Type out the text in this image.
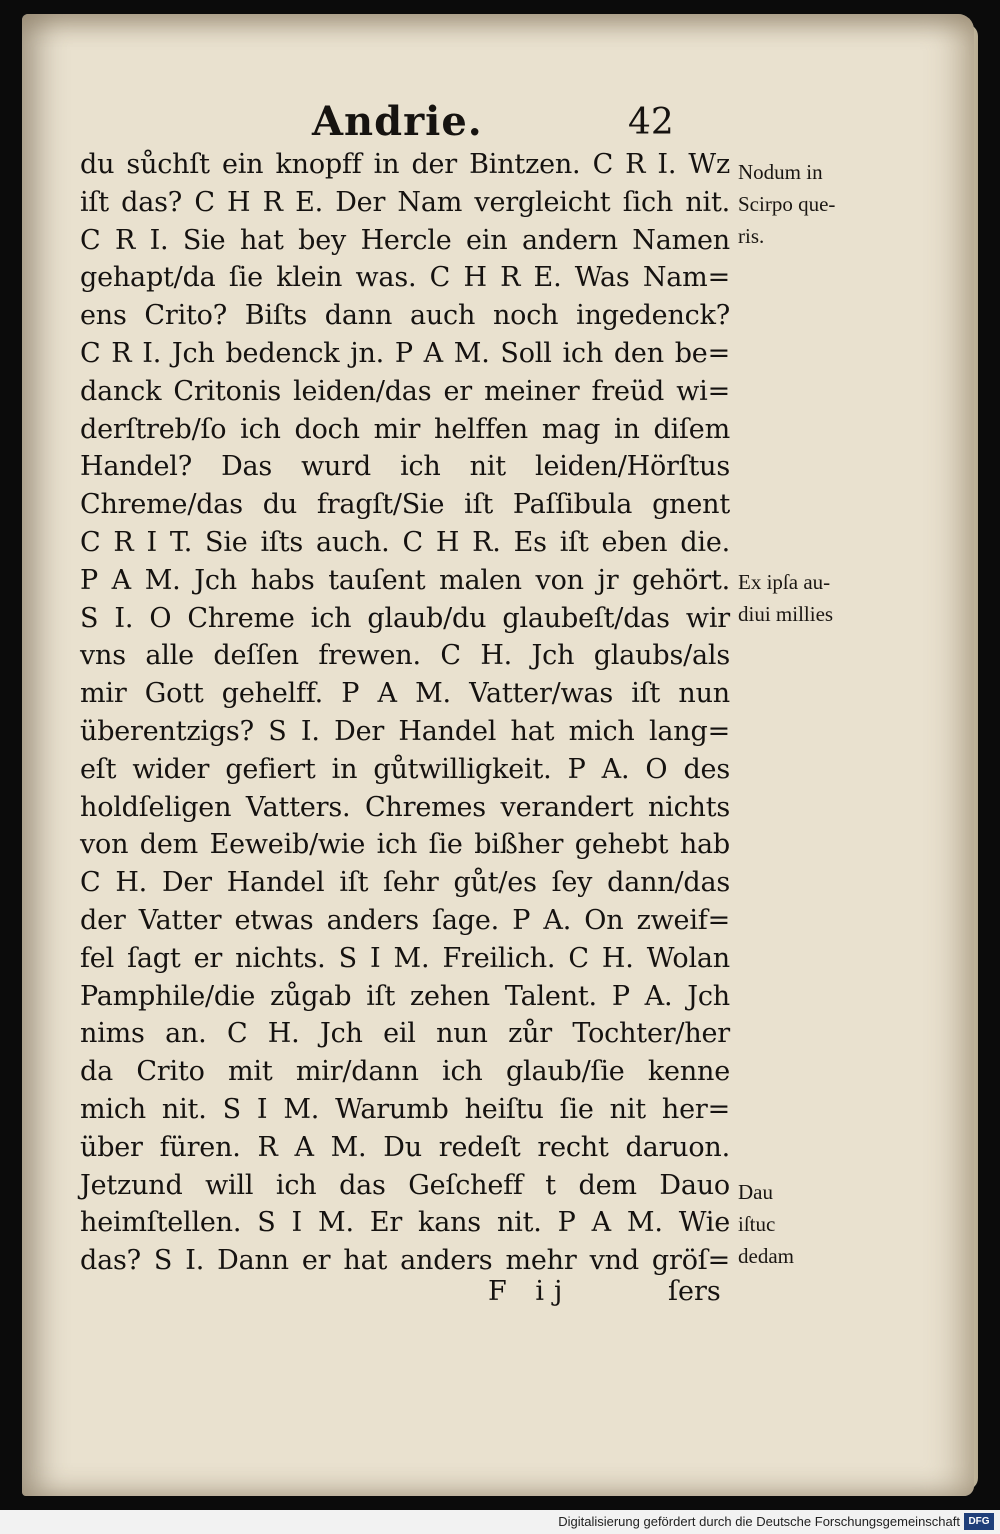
Andrie.	42
du sůchſt ein knopff in der Bintzen. C R I. Wz
iſt das? C H R E. Der Nam vergleicht ſich nit.
C R I. Sie hat bey Hercle ein andern Namen
gehapt/da ſie klein was. C H R E. Was Nam=
ens Crito? Biſts dann auch noch ingedenck?
C R I. Jch bedenck jn. P A M. Soll ich den be=
danck Critonis leiden/das er meiner freüd wi=
derſtreb/ſo ich doch mir helffen mag in diſem
Handel? Das wurd ich nit leiden/Hörſtus
Chreme/das du fragſt/Sie iſt Paſſibula gnent
C R I T. Sie iſts auch. C H R. Es iſt eben die.
P A M. Jch habs tauſent malen von jr gehört.
S I. O Chreme ich glaub/du glaubeſt/das wir
vns alle deſſen frewen. C H. Jch glaubs/als
mir Gott gehelff. P A M. Vatter/was iſt nun
überentzigs? S I. Der Handel hat mich lang=
eſt wider gefiert in gůtwilligkeit. P A. O des
holdſeligen Vatters. Chremes verandert nichts
von dem Eeweib/wie ich ſie bißher gehebt hab
C H. Der Handel iſt ſehr gůt/es ſey dann/das
der Vatter etwas anders ſage. P A. On zweif=
fel ſagt er nichts. S I M. Freilich. C H. Wolan
Pamphile/die zůgab iſt zehen Talent. P A. Jch
nims an. C H. Jch eil nun zůr Tochter/her
da Crito mit mir/dann ich glaub/ſie kenne
mich nit. S I M. Warumb heiſtu ſie nit her=
über füren. R A M. Du redeſt recht daruon.
Jetzund will ich das Geſcheff t dem Dauo
heimſtellen. S I M. Er kans nit. P A M. Wie
das? S I. Dann er hat anders mehr vnd gröſ=
Nodum in
Scirpo que-
ris.
Ex ipſa au-
diui millies
Dau
iſtuc
dedam
F ij	ſers
Digitalisierung gefördert durch die Deutsche Forschungsgemeinschaft DFG
